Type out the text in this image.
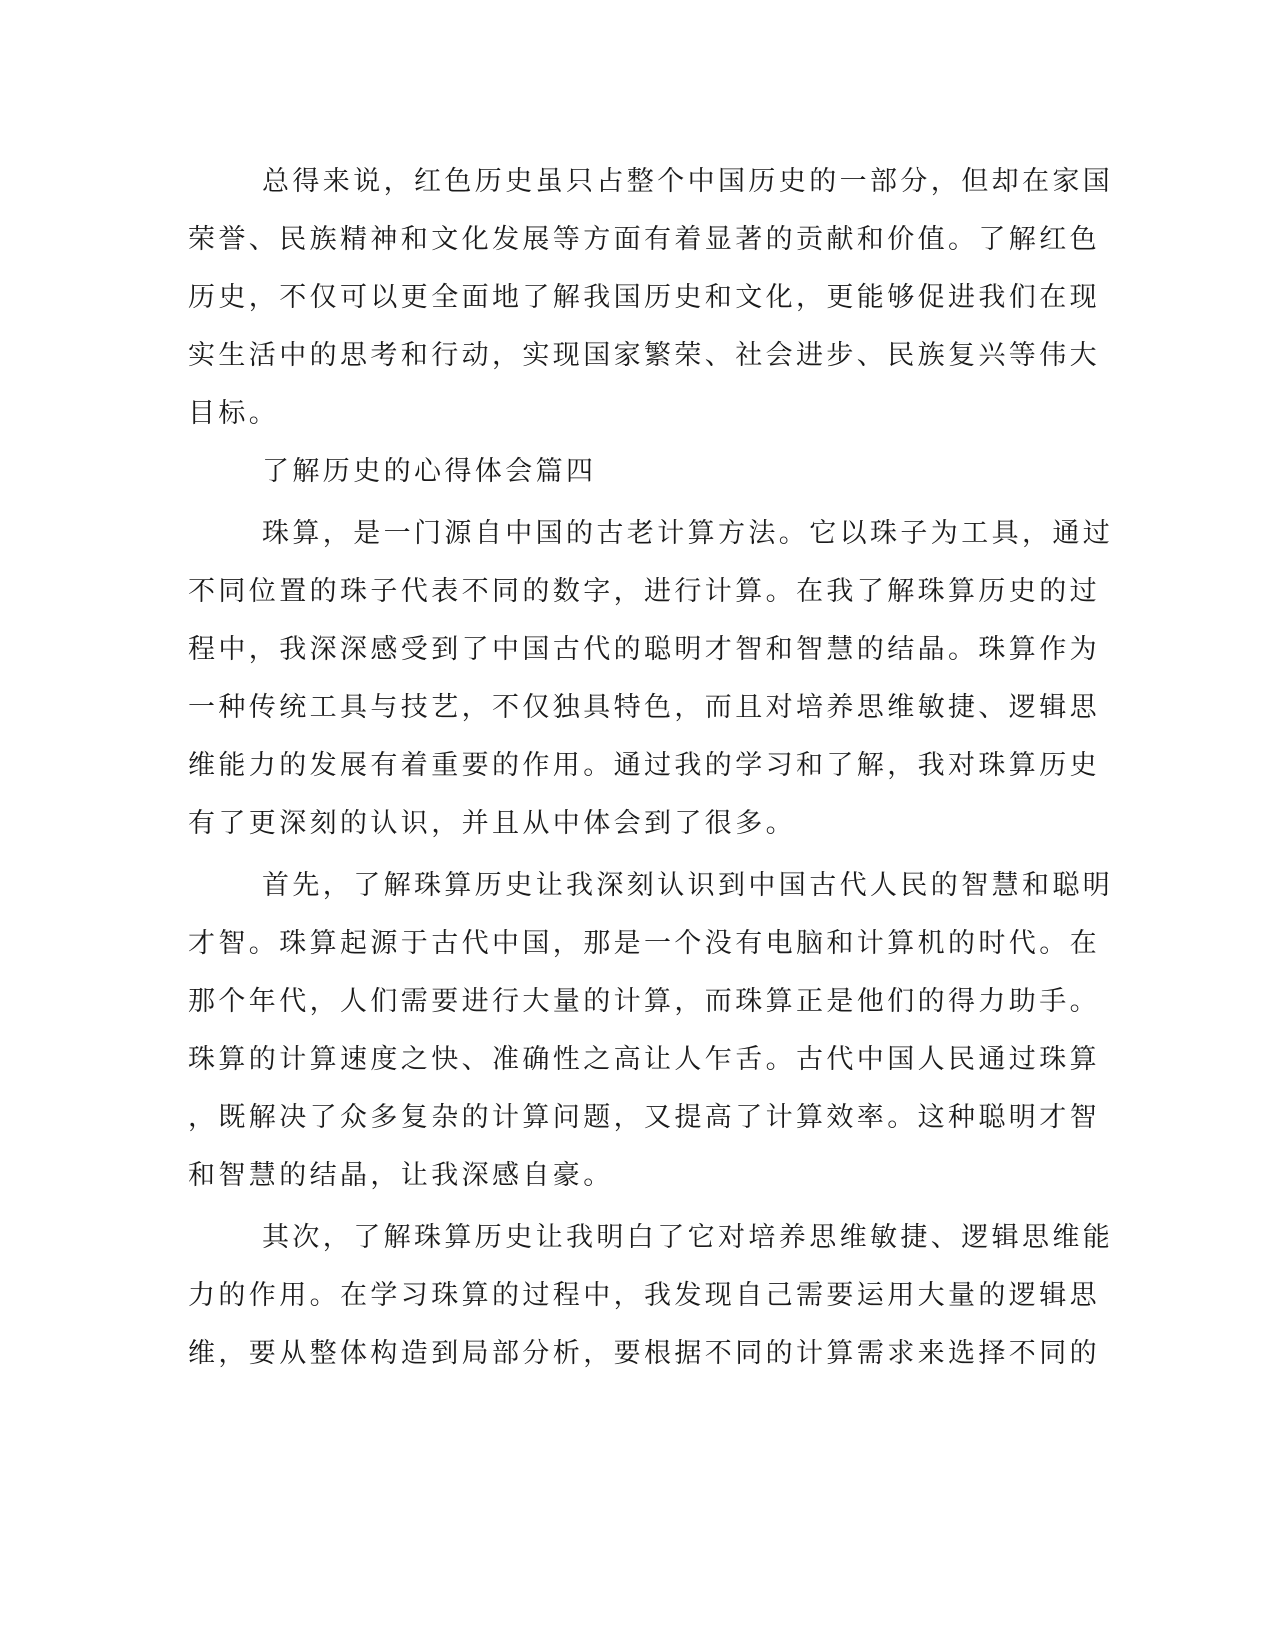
总得来说，红色历史虽只占整个中国历史的一部分，但却在家国
荣誉、民族精神和文化发展等方面有着显著的贡献和价值。了解红色
历史，不仅可以更全面地了解我国历史和文化，更能够促进我们在现
实生活中的思考和行动，实现国家繁荣、社会进步、民族复兴等伟大
目标。
了解历史的心得体会篇四
珠算，是一门源自中国的古老计算方法。它以珠子为工具，通过
不同位置的珠子代表不同的数字，进行计算。在我了解珠算历史的过
程中，我深深感受到了中国古代的聪明才智和智慧的结晶。珠算作为
一种传统工具与技艺，不仅独具特色，而且对培养思维敏捷、逻辑思
维能力的发展有着重要的作用。通过我的学习和了解，我对珠算历史
有了更深刻的认识，并且从中体会到了很多。
首先，了解珠算历史让我深刻认识到中国古代人民的智慧和聪明
才智。珠算起源于古代中国，那是一个没有电脑和计算机的时代。在
那个年代，人们需要进行大量的计算，而珠算正是他们的得力助手。
珠算的计算速度之快、准确性之高让人乍舌。古代中国人民通过珠算
，既解决了众多复杂的计算问题，又提高了计算效率。这种聪明才智
和智慧的结晶，让我深感自豪。
其次，了解珠算历史让我明白了它对培养思维敏捷、逻辑思维能
力的作用。在学习珠算的过程中，我发现自己需要运用大量的逻辑思
维，要从整体构造到局部分析，要根据不同的计算需求来选择不同的
